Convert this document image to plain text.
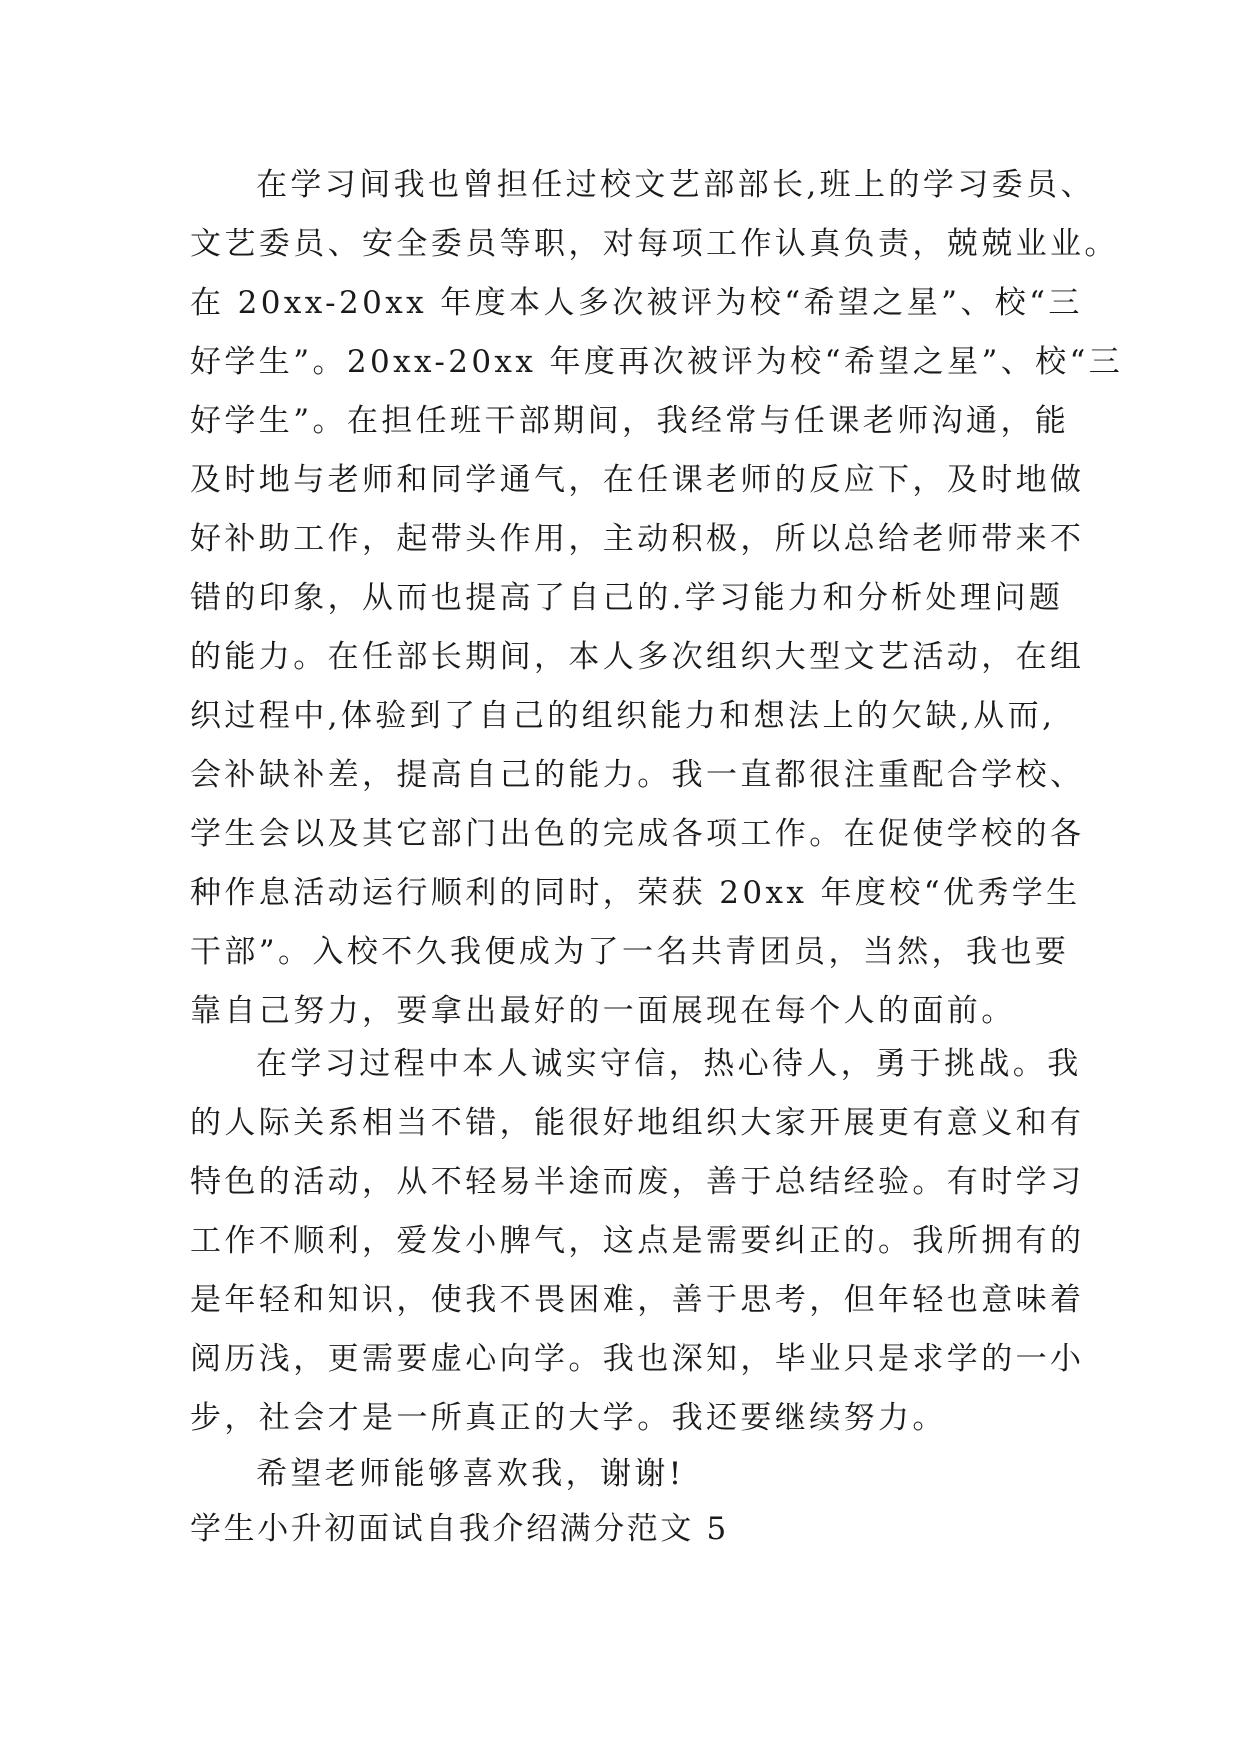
在学习间我也曾担任过校文艺部部长,班上的学习委员、
文艺委员、安全委员等职，对每项工作认真负责，兢兢业业。
在 20xx-20xx 年度本人多次被评为校“希望之星”、校“三
好学生”。20xx-20xx 年度再次被评为校“希望之星”、校“三
好学生”。在担任班干部期间，我经常与任课老师沟通，能
及时地与老师和同学通气，在任课老师的反应下，及时地做
好补助工作，起带头作用，主动积极，所以总给老师带来不
错的印象，从而也提高了自己的.学习能力和分析处理问题
的能力。在任部长期间，本人多次组织大型文艺活动，在组
织过程中,体验到了自己的组织能力和想法上的欠缺,从而,
会补缺补差，提高自己的能力。我一直都很注重配合学校、
学生会以及其它部门出色的完成各项工作。在促使学校的各
种作息活动运行顺利的同时，荣获 20xx 年度校“优秀学生
干部”。入校不久我便成为了一名共青团员，当然，我也要
靠自己努力，要拿出最好的一面展现在每个人的面前。
在学习过程中本人诚实守信，热心待人，勇于挑战。我
的人际关系相当不错，能很好地组织大家开展更有意义和有
特色的活动，从不轻易半途而废，善于总结经验。有时学习
工作不顺利，爱发小脾气，这点是需要纠正的。我所拥有的
是年轻和知识，使我不畏困难，善于思考，但年轻也意味着
阅历浅，更需要虚心向学。我也深知，毕业只是求学的一小
步，社会才是一所真正的大学。我还要继续努力。
希望老师能够喜欢我，谢谢!
学生小升初面试自我介绍满分范文 5
